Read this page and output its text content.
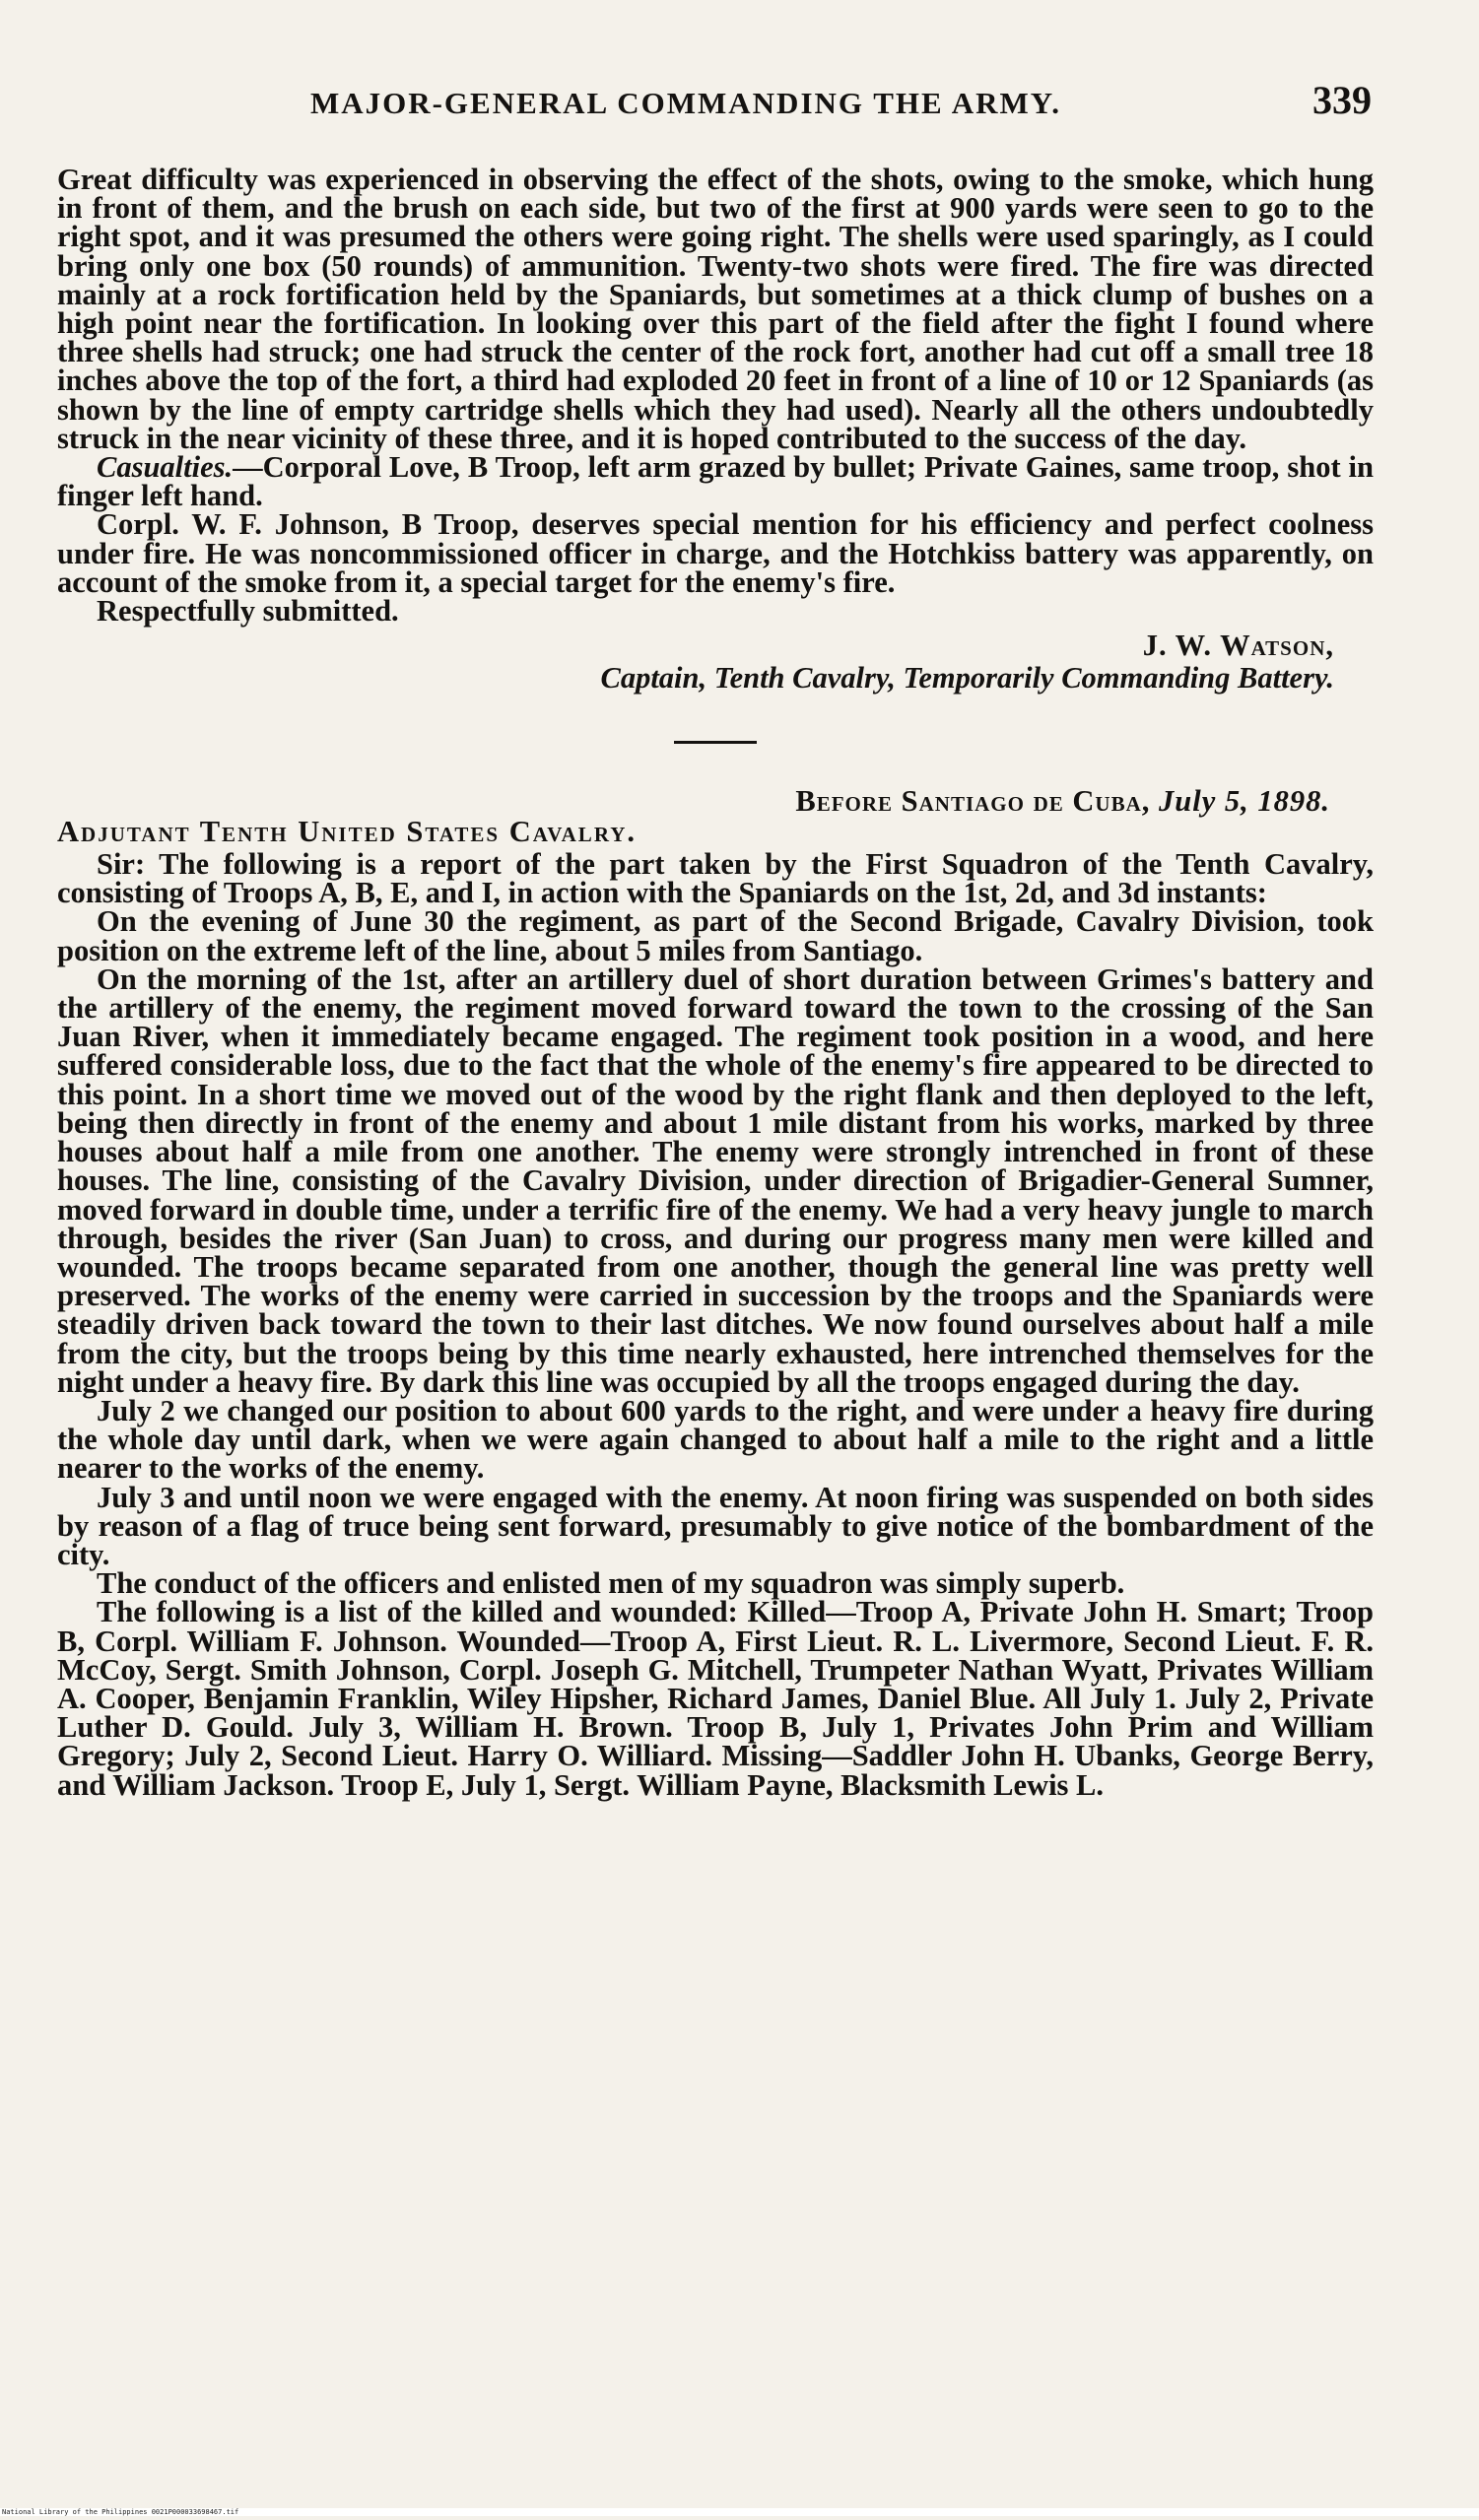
MAJOR-GENERAL COMMANDING THE ARMY.	339

Great difficulty was experienced in observing the effect of the shots, owing to the smoke, which hung in front of them, and the brush on each side, but two of the first at 900 yards were seen to go to the right spot, and it was presumed the others were going right. The shells were used sparingly, as I could bring only one box (50 rounds) of ammunition. Twenty-two shots were fired. The fire was directed mainly at a rock fortification held by the Spaniards, but sometimes at a thick clump of bushes on a high point near the fortification. In looking over this part of the field after the fight I found where three shells had struck; one had struck the center of the rock fort, another had cut off a small tree 18 inches above the top of the fort, a third had exploded 20 feet in front of a line of 10 or 12 Spaniards (as shown by the line of empty cartridge shells which they had used). Nearly all the others undoubtedly struck in the near vicinity of these three, and it is hoped contributed to the success of the day.

Casualties.—Corporal Love, B Troop, left arm grazed by bullet; Private Gaines, same troop, shot in finger left hand.

Corpl. W. F. Johnson, B Troop, deserves special mention for his efficiency and perfect coolness under fire. He was noncommissioned officer in charge, and the Hotchkiss battery was apparently, on account of the smoke from it, a special target for the enemy's fire.

Respectfully submitted.

J. W. Watson,
Captain, Tenth Cavalry, Temporarily Commanding Battery.
Before Santiago de Cuba, July 5, 1898.
Adjutant Tenth United States Cavalry.

Sir: The following is a report of the part taken by the First Squadron of the Tenth Cavalry, consisting of Troops A, B, E, and I, in action with the Spaniards on the 1st, 2d, and 3d instants:

On the evening of June 30 the regiment, as part of the Second Brigade, Cavalry Division, took position on the extreme left of the line, about 5 miles from Santiago.

On the morning of the 1st, after an artillery duel of short duration between Grimes's battery and the artillery of the enemy, the regiment moved forward toward the town to the crossing of the San Juan River, when it immediately became engaged. The regiment took position in a wood, and here suffered considerable loss, due to the fact that the whole of the enemy's fire appeared to be directed to this point. In a short time we moved out of the wood by the right flank and then deployed to the left, being then directly in front of the enemy and about 1 mile distant from his works, marked by three houses about half a mile from one another. The enemy were strongly intrenched in front of these houses. The line, consisting of the Cavalry Division, under direction of Brigadier-General Sumner, moved forward in double time, under a terrific fire of the enemy. We had a very heavy jungle to march through, besides the river (San Juan) to cross, and during our progress many men were killed and wounded. The troops became separated from one another, though the general line was pretty well preserved. The works of the enemy were carried in succession by the troops and the Spaniards were steadily driven back toward the town to their last ditches. We now found ourselves about half a mile from the city, but the troops being by this time nearly exhausted, here intrenched themselves for the night under a heavy fire. By dark this line was occupied by all the troops engaged during the day.

July 2 we changed our position to about 600 yards to the right, and were under a heavy fire during the whole day until dark, when we were again changed to about half a mile to the right and a little nearer to the works of the enemy.

July 3 and until noon we were engaged with the enemy. At noon firing was suspended on both sides by reason of a flag of truce being sent forward, presumably to give notice of the bombardment of the city.

The conduct of the officers and enlisted men of my squadron was simply superb.

The following is a list of the killed and wounded: Killed—Troop A, Private John H. Smart; Troop B, Corpl. William F. Johnson. Wounded—Troop A, First Lieut. R. L. Livermore, Second Lieut. F. R. McCoy, Sergt. Smith Johnson, Corpl. Joseph G. Mitchell, Trumpeter Nathan Wyatt, Privates William A. Cooper, Benjamin Franklin, Wiley Hipsher, Richard James, Daniel Blue. All July 1. July 2, Private Luther D. Gould. July 3, William H. Brown. Troop B, July 1, Privates John Prim and William Gregory; July 2, Second Lieut. Harry O. Williard. Missing—Saddler John H. Ubanks, George Berry, and William Jackson. Troop E, July 1, Sergt. William Payne, Blacksmith Lewis L.

National Library of the Philippines 0021P000033698467.tif
